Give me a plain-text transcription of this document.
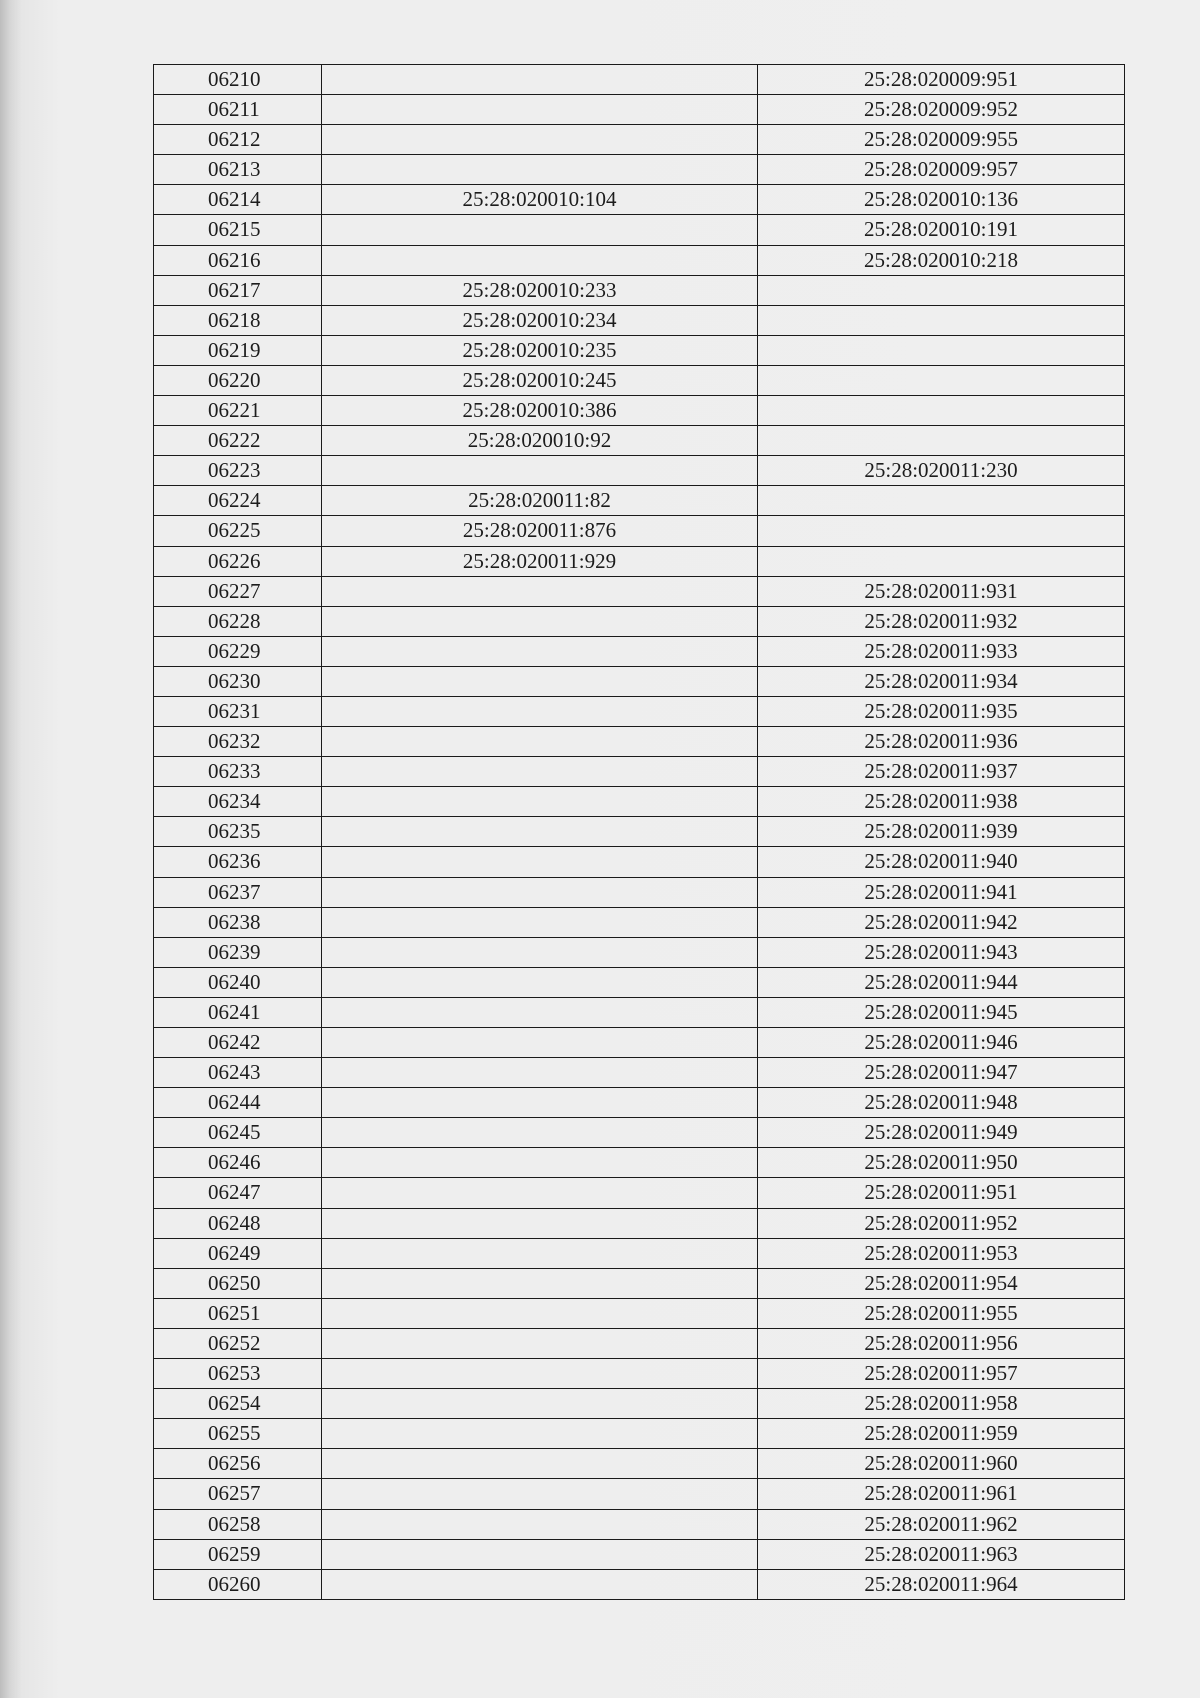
06210		25:28:020009:951
06211		25:28:020009:952
06212		25:28:020009:955
06213		25:28:020009:957
06214	25:28:020010:104	25:28:020010:136
06215		25:28:020010:191
06216		25:28:020010:218
06217	25:28:020010:233	
06218	25:28:020010:234	
06219	25:28:020010:235	
06220	25:28:020010:245	
06221	25:28:020010:386	
06222	25:28:020010:92	
06223		25:28:020011:230
06224	25:28:020011:82	
06225	25:28:020011:876	
06226	25:28:020011:929	
06227		25:28:020011:931
06228		25:28:020011:932
06229		25:28:020011:933
06230		25:28:020011:934
06231		25:28:020011:935
06232		25:28:020011:936
06233		25:28:020011:937
06234		25:28:020011:938
06235		25:28:020011:939
06236		25:28:020011:940
06237		25:28:020011:941
06238		25:28:020011:942
06239		25:28:020011:943
06240		25:28:020011:944
06241		25:28:020011:945
06242		25:28:020011:946
06243		25:28:020011:947
06244		25:28:020011:948
06245		25:28:020011:949
06246		25:28:020011:950
06247		25:28:020011:951
06248		25:28:020011:952
06249		25:28:020011:953
06250		25:28:020011:954
06251		25:28:020011:955
06252		25:28:020011:956
06253		25:28:020011:957
06254		25:28:020011:958
06255		25:28:020011:959
06256		25:28:020011:960
06257		25:28:020011:961
06258		25:28:020011:962
06259		25:28:020011:963
06260		25:28:020011:964
